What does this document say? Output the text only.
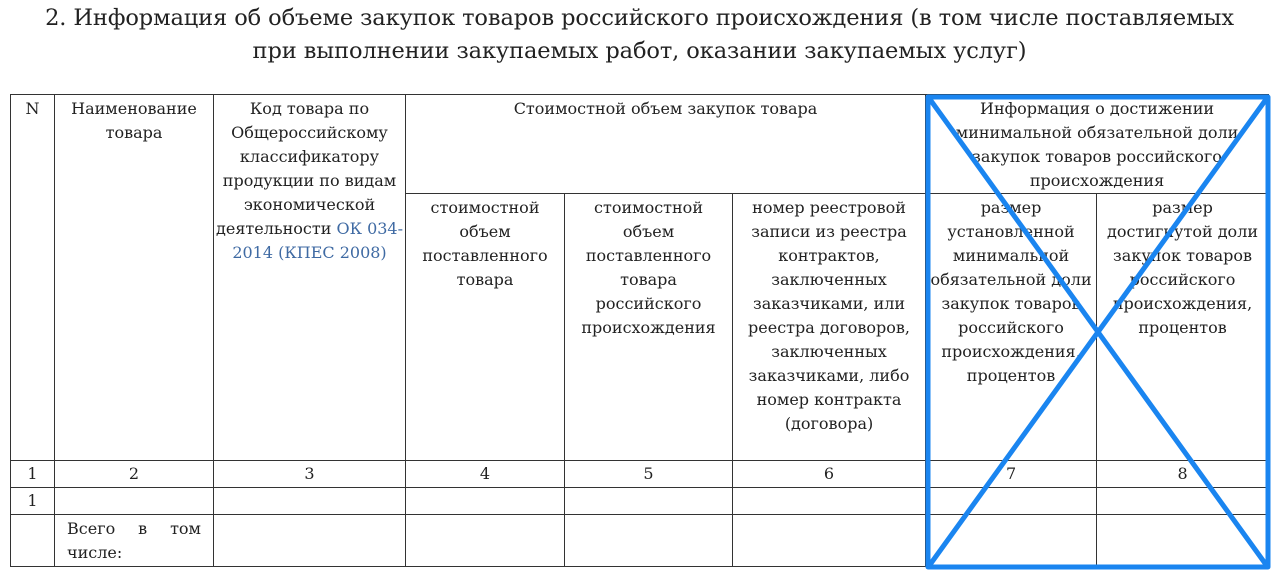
2. Информация об объеме закупок товаров российского происхождения (в том числе поставляемых
при выполнении закупаемых работ, оказании закупаемых услуг)
N	Наименование товара	Код товара по Общероссийскому классификатору продукции по видам экономической деятельности ОК 034-2014 (КПЕС 2008)	Стоимостной объем закупок товара			Информация о достижении минимальной обязательной доли закупок товаров российского происхождения	
			стоимостной объем поставленного товара	стоимостной объем поставленного товара российского происхождения	номер реестровой записи из реестра контрактов, заключенных заказчиками, или реестра договоров, заключенных заказчиками, либо номер контракта (договора)	размер установленной минимальной обязательной доли закупок товаров российского происхождения, процентов	размер достигнутой доли закупок товаров российского происхождения, процентов
1	2	3	4	5	6	7	8
1							
	Всего в том числе:						
